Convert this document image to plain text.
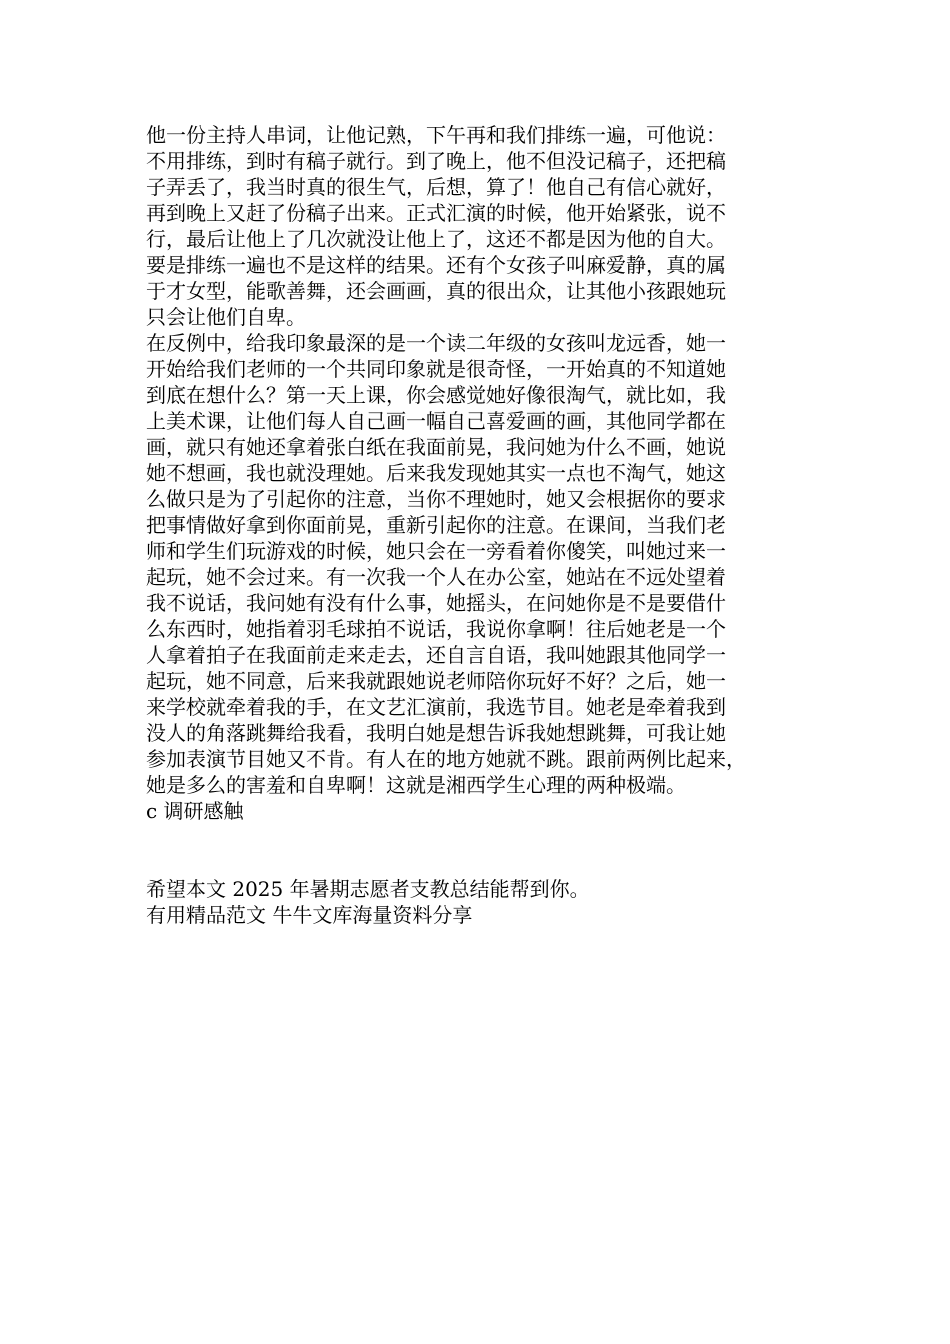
他一份主持人串词，让他记熟，下午再和我们排练一遍，可他说：
不用排练，到时有稿子就行。到了晚上，他不但没记稿子，还把稿
子弄丢了，我当时真的很生气，后想，算了！他自己有信心就好，
再到晚上又赶了份稿子出来。正式汇演的时候，他开始紧张，说不
行，最后让他上了几次就没让他上了，这还不都是因为他的自大。
要是排练一遍也不是这样的结果。还有个女孩子叫麻爱静，真的属
于才女型，能歌善舞，还会画画，真的很出众，让其他小孩跟她玩
只会让他们自卑。
在反例中，给我印象最深的是一个读二年级的女孩叫龙远香，她一
开始给我们老师的一个共同印象就是很奇怪，一开始真的不知道她
到底在想什么？第一天上课，你会感觉她好像很淘气，就比如，我
上美术课，让他们每人自己画一幅自己喜爱画的画，其他同学都在
画，就只有她还拿着张白纸在我面前晃，我问她为什么不画，她说
她不想画，我也就没理她。后来我发现她其实一点也不淘气，她这
么做只是为了引起你的注意，当你不理她时，她又会根据你的要求
把事情做好拿到你面前晃，重新引起你的注意。在课间，当我们老
师和学生们玩游戏的时候，她只会在一旁看着你傻笑，叫她过来一
起玩，她不会过来。有一次我一个人在办公室，她站在不远处望着
我不说话，我问她有没有什么事，她摇头，在问她你是不是要借什
么东西时，她指着羽毛球拍不说话，我说你拿啊！往后她老是一个
人拿着拍子在我面前走来走去，还自言自语，我叫她跟其他同学一
起玩，她不同意，后来我就跟她说老师陪你玩好不好？之后，她一
来学校就牵着我的手，在文艺汇演前，我选节目。她老是牵着我到
没人的角落跳舞给我看，我明白她是想告诉我她想跳舞，可我让她
参加表演节目她又不肯。有人在的地方她就不跳。跟前两例比起来，
她是多么的害羞和自卑啊！这就是湘西学生心理的两种极端。
c 调研感触
希望本文 2025 年暑期志愿者支教总结能帮到你。
有用精品范文 牛牛文库海量资料分享
